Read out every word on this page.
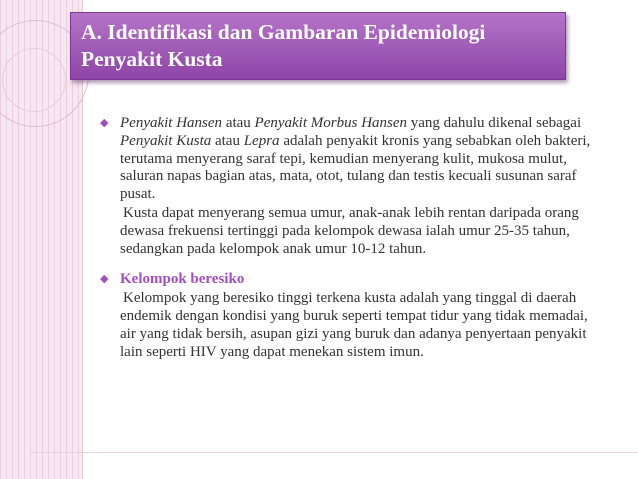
A. Identifikasi dan Gambaran Epidemiologi
Penyakit Kusta
◆ Penyakit Hansen atau Penyakit Morbus Hansen yang dahulu dikenal sebagai Penyakit Kusta atau Lepra adalah penyakit kronis yang sebabkan oleh bakteri, terutama menyerang saraf tepi, kemudian menyerang kulit, mukosa mulut, saluran napas bagian atas, mata, otot, tulang dan testis kecuali susunan saraf pusat.

Kusta dapat menyerang semua umur, anak-anak lebih rentan daripada orang dewasa frekuensi tertinggi pada kelompok dewasa ialah umur 25-35 tahun, sedangkan pada kelompok anak umur 10-12 tahun.

◆ Kelompok beresiko

Kelompok yang beresiko tinggi terkena kusta adalah yang tinggal di daerah endemik dengan kondisi yang buruk seperti tempat tidur yang tidak memadai, air yang tidak bersih, asupan gizi yang buruk dan adanya penyertaan penyakit lain seperti HIV yang dapat menekan sistem imun.
